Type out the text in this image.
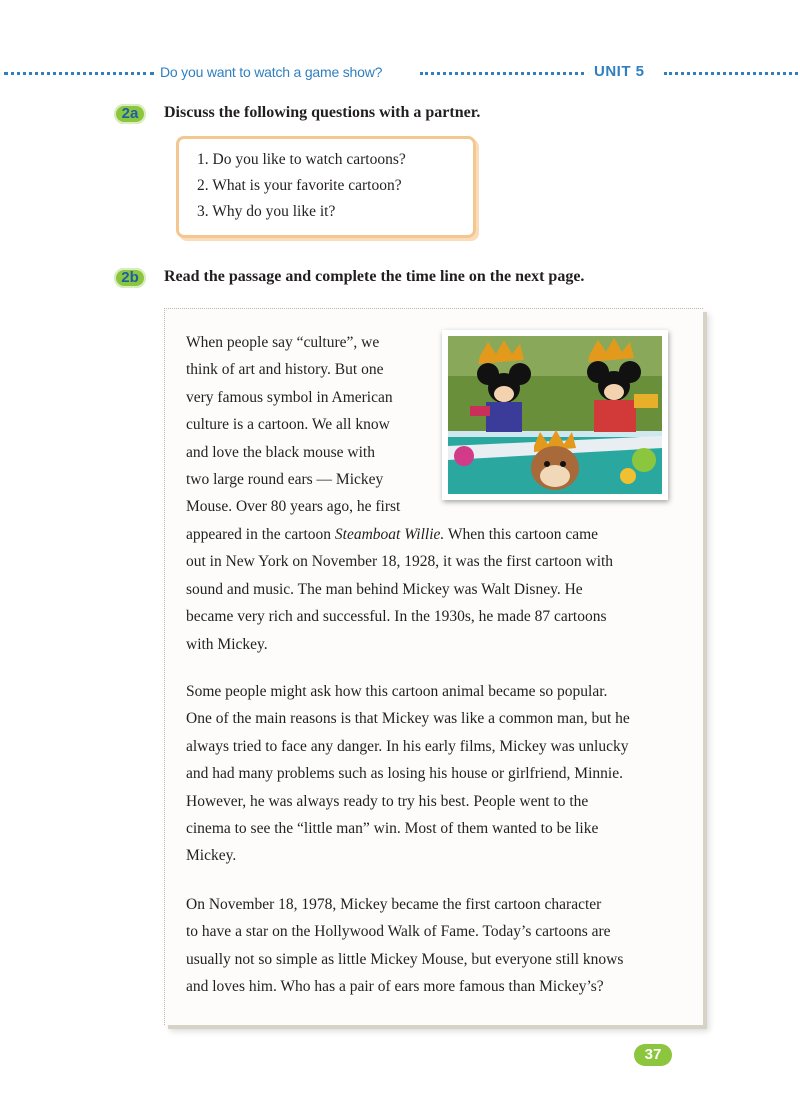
Do you want to watch a game show?	UNIT 5
2a	Discuss the following questions with a partner.
1. Do you like to watch cartoons?
2. What is your favorite cartoon?
3. Why do you like it?
2b	Read the passage and complete the time line on the next page.
When people say “culture”, we
think of art and history. But one
very famous symbol in American
culture is a cartoon. We all know
and love the black mouse with
two large round ears — Mickey
Mouse. Over 80 years ago, he first
appeared in the cartoon Steamboat Willie. When this cartoon came
out in New York on November 18, 1928, it was the first cartoon with
sound and music. The man behind Mickey was Walt Disney. He
became very rich and successful. In the 1930s, he made 87 cartoons
with Mickey.
Some people might ask how this cartoon animal became so popular.
One of the main reasons is that Mickey was like a common man, but he
always tried to face any danger. In his early films, Mickey was unlucky
and had many problems such as losing his house or girlfriend, Minnie.
However, he was always ready to try his best. People went to the
cinema to see the “little man” win. Most of them wanted to be like
Mickey.
On November 18, 1978, Mickey became the first cartoon character
to have a star on the Hollywood Walk of Fame. Today’s cartoons are
usually not so simple as little Mickey Mouse, but everyone still knows
and loves him. Who has a pair of ears more famous than Mickey’s?
37
